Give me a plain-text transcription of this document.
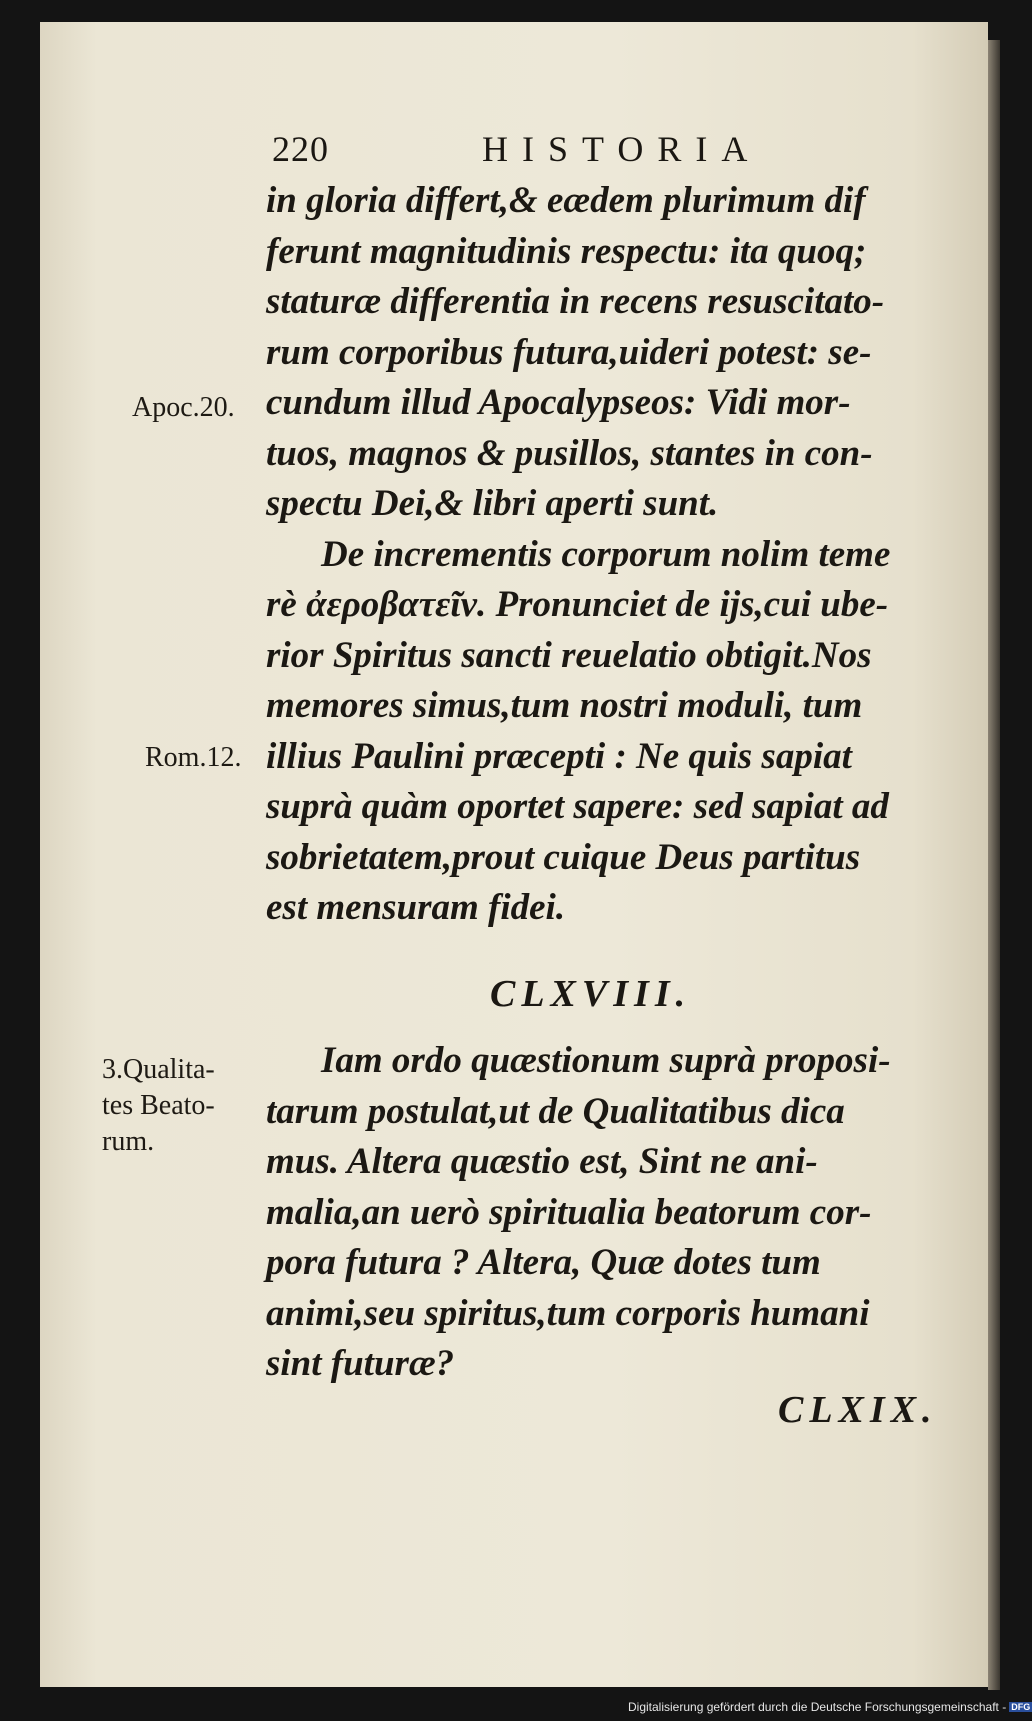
220	HISTORIA
in gloria differt,& eædem plurimum dif
ferunt magnitudinis respectu: ita quoq;
staturæ differentia in recens resuscitato-
rum corporibus futura,uideri potest: se-
cundum illud Apocalypseos: Vidi mor-
tuos, magnos & pusillos, stantes in con-
spectu Dei,& libri aperti sunt.
De incrementis corporum nolim teme
rè ἀεροβατεῖν. Pronunciet de ijs,cui ube-
rior Spiritus sancti reuelatio obtigit.Nos
memores simus,tum nostri moduli, tum
illius Paulini præcepti : Ne quis sapiat
suprà quàm oportet sapere: sed sapiat ad
sobrietatem,prout cuique Deus partitus
est mensuram fidei.
CLXVIII.
Iam ordo quæstionum suprà proposi-
tarum postulat,ut de Qualitatibus dica
mus. Altera quæstio est, Sint ne ani-
malia,an uerò spiritualia beatorum cor-
pora futura ? Altera, Quæ dotes tum
animi,seu spiritus,tum corporis humani
sint futuræ?
CLXIX.
Apoc.20.
Rom.12.
3.Qualita-
tes Beato-
rum.
Digitalisierung gefördert durch die Deutsche Forschungsgemeinschaft - DFG
